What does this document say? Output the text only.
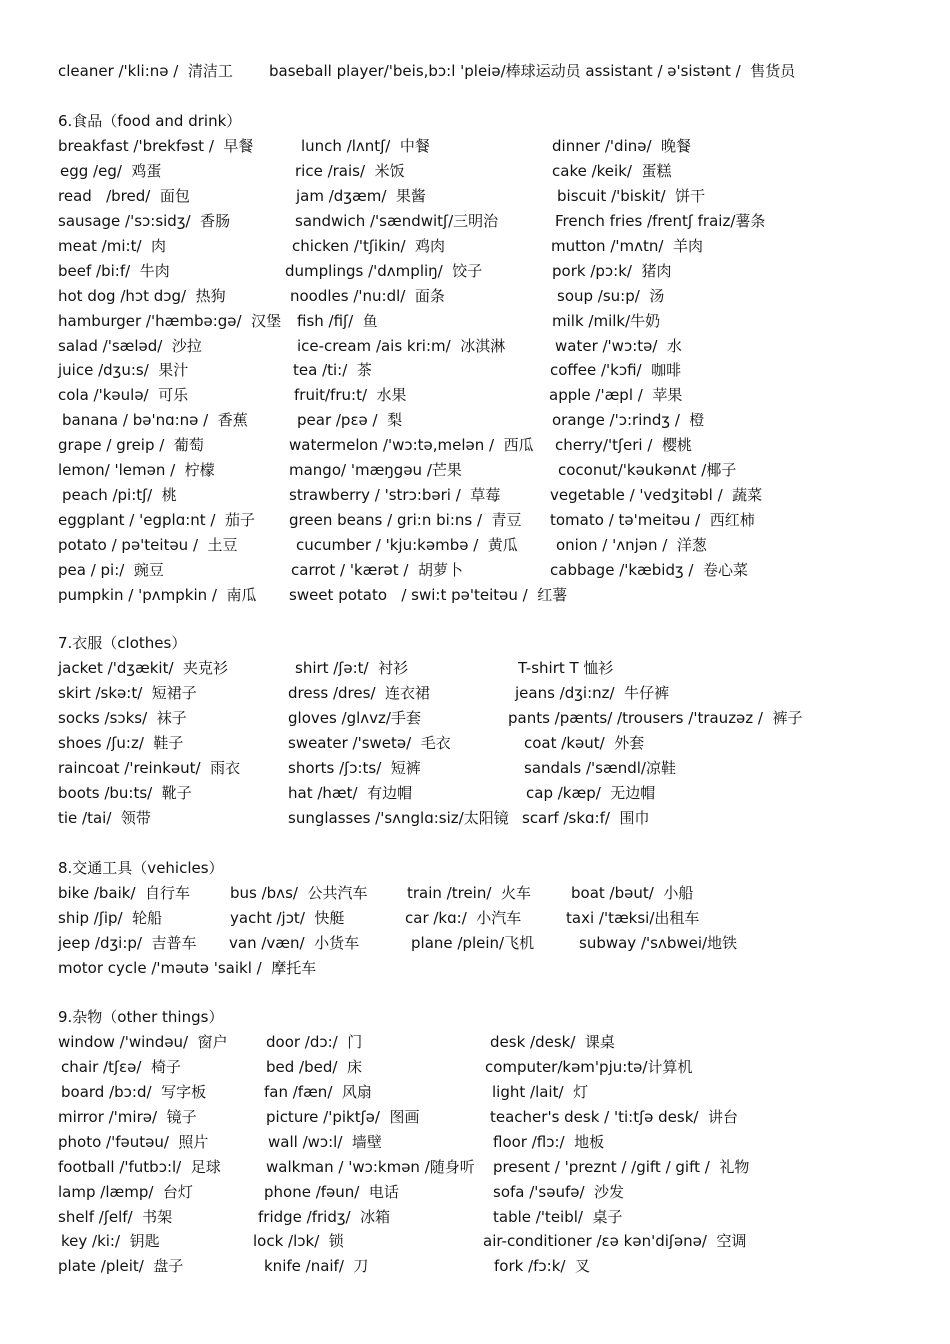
cleaner /'kli:nə /  清洁工 baseball player/'beis,bɔ:l 'pleiə/棒球运动员 assistant / ə'sistənt /  售货员
6.食品（food and drink）
breakfast /'brekfəst /  早餐	lunch /lʌntʃ/  中餐	dinner /'dinə/  晚餐
egg /eg/  鸡蛋	rice /rais/  米饭	cake /keik/  蛋糕
read   /bred/  面包	jam /dʒæm/  果酱	biscuit /'biskit/  饼干
sausage /'sɔ:sidʒ/  香肠	sandwich /'sændwitʃ/三明治	French fries /frentʃ fraiz/薯条
meat /mi:t/  肉	chicken /'tʃikin/  鸡肉	mutton /'mʌtn/  羊肉
beef /bi:f/  牛肉	dumplings /'dʌmpliŋ/  饺子	pork /pɔ:k/  猪肉
hot dog /hɔt dɔg/  热狗	noodles /'nu:dl/  面条	soup /su:p/  汤
hamburger /'hæmbə:gə/  汉堡 fish /fiʃ/  鱼	milk /milk/牛奶
salad /'sæləd/  沙拉	ice-cream /ais kri:m/  冰淇淋	water /'wɔ:tə/  水
juice /dʒu:s/  果汁	tea /ti:/  茶	coffee /'kɔfi/  咖啡
cola /'kəulə/  可乐	fruit/fru:t/  水果	apple /'æpl /  苹果
banana / bə'nɑ:nə /  香蕉	pear /pɛə /  梨	orange /'ɔ:rindʒ /  橙
grape / greip /  葡萄	watermelon /'wɔ:tə,melən /  西瓜 cherry/'tʃeri /  樱桃
lemon/ 'lemən /  柠檬	mango/ 'mæŋgəu /芒果	coconut/'kəukənʌt /椰子
peach /pi:tʃ/  桃	strawberry / 'strɔ:bəri /  草莓	vegetable / 'vedʒitəbl /  蔬菜
eggplant / 'egplɑ:nt /  茄子 green beans / gri:n bi:ns /  青豆 tomato / tə'meitəu /  西红柿
potato / pə'teitəu /  土豆	cucumber / 'kju:kəmbə /  黄瓜	onion / 'ʌnjən /  洋葱
pea / pi:/  豌豆	carrot / 'kærət /  胡萝卜	cabbage /'kæbidʒ /  卷心菜
pumpkin / 'pʌmpkin /  南瓜 sweet potato   / swi:t pə'teitəu /  红薯
7.衣服（clothes）
jacket /'dʒækit/  夹克衫	shirt /ʃə:t/  衬衫	T-shirt T 恤衫
skirt /skə:t/  短裙子	dress /dres/  连衣裙	jeans /dʒi:nz/  牛仔裤
socks /sɔks/  袜子	gloves /glʌvz/手套	pants /pænts/ /trousers /'trauzəz /  裤子
shoes /ʃu:z/  鞋子	sweater /'swetə/  毛衣	coat /kəut/  外套
raincoat /'reinkəut/  雨衣	shorts /ʃɔ:ts/  短裤	sandals /'sændl/凉鞋
boots /bu:ts/  靴子	hat /hæt/  有边帽	cap /kæp/  无边帽
tie /tai/  领带	sunglasses /'sʌnglɑ:siz/太阳镜 scarf /skɑ:f/  围巾
8.交通工具（vehicles）
bike /baik/  自行车	bus /bʌs/  公共汽车	train /trein/  火车	boat /bəut/  小船
ship /ʃip/  轮船	yacht /jɔt/  快艇	car /kɑ:/  小汽车	taxi /'tæksi/出租车
jeep /dʒi:p/  吉普车 van /væn/  小货车	plane /plein/飞机	subway /'sʌbwei/地铁
motor cycle /'məutə 'saikl /  摩托车
9.杂物（other things）
window /'windəu/  窗户	door /dɔ:/  门	desk /desk/  课桌
chair /tʃɛə/  椅子	bed /bed/  床	computer/kəm'pju:tə/计算机
board /bɔ:d/  写字板	fan /fæn/  风扇	light /lait/  灯
mirror /'mirə/  镜子	picture /'piktʃə/  图画	teacher's desk / 'ti:tʃə desk/  讲台
photo /'fəutəu/  照片	wall /wɔ:l/  墙壁	floor /flɔ:/  地板
football /'futbɔ:l/  足球	walkman / 'wɔ:kmən /随身听 present / 'preznt / /gift / gift /  礼物
lamp /læmp/  台灯	phone /fəun/  电话	sofa /'səufə/  沙发
shelf /ʃelf/  书架	fridge /fridʒ/  冰箱	table /'teibl/  桌子
key /ki:/  钥匙	lock /lɔk/  锁	air-conditioner /ɛə kən'diʃənə/  空调
plate /pleit/  盘子	knife /naif/  刀	fork /fɔ:k/  叉
